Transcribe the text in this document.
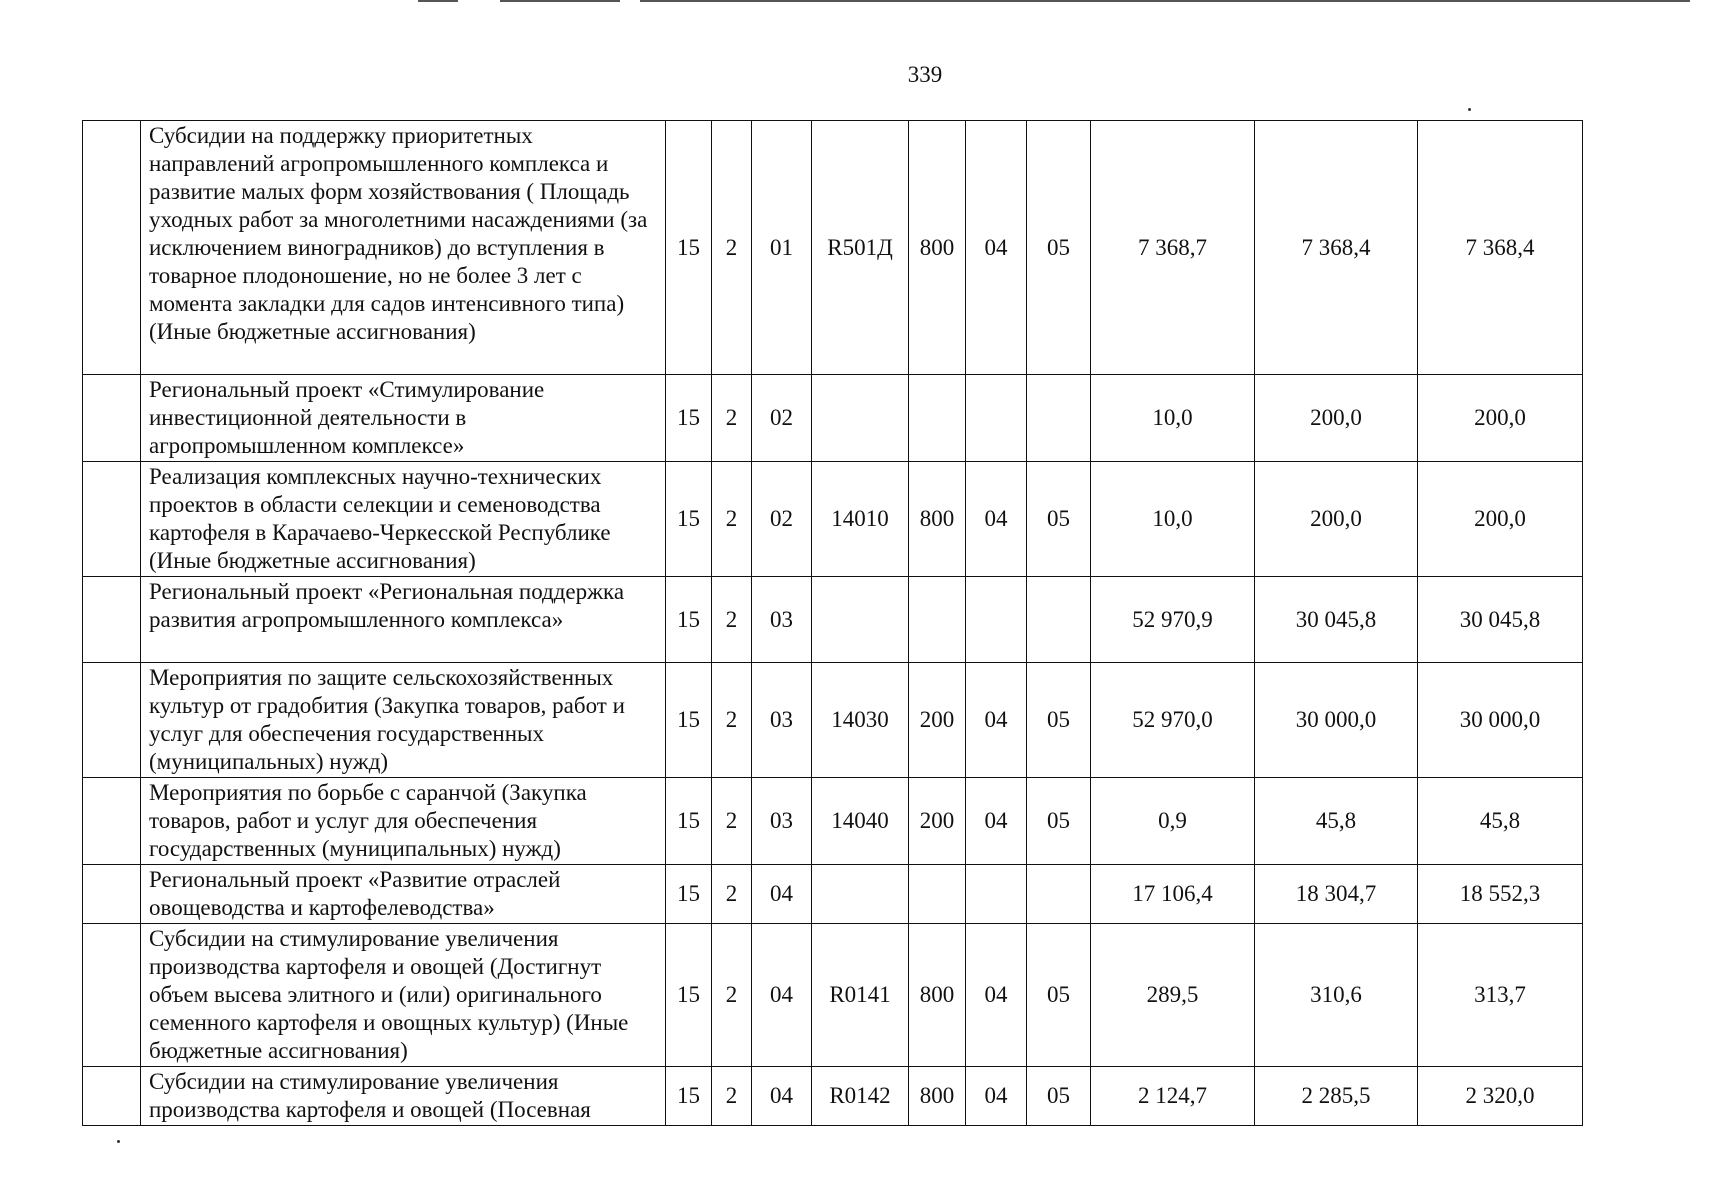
339
	Субсидии на поддержку приоритетных направлений агропромышленного комплекса и развитие малых форм хозяйствования ( Площадь уходных работ за многолетними насаждениями (за исключением виноградников) до вступления в товарное плодоношение, но не более 3 лет с момента закладки для садов интенсивного типа) (Иные бюджетные ассигнования)	15	2	01	R501Д	800	04	05	7 368,7	7 368,4	7 368,4
	Региональный проект «Стимулирование инвестиционной деятельности в агропромышленном комплексе»	15	2	02					10,0	200,0	200,0
	Реализация комплексных научно-технических проектов в области селекции и семеноводства картофеля в Карачаево-Черкесской Республике (Иные бюджетные ассигнования)	15	2	02	14010	800	04	05	10,0	200,0	200,0
	Региональный проект «Региональная поддержка развития агропромышленного комплекса»	15	2	03					52 970,9	30 045,8	30 045,8
	Мероприятия по защите сельскохозяйственных культур от градобития (Закупка товаров, работ и услуг для обеспечения государственных (муниципальных) нужд)	15	2	03	14030	200	04	05	52 970,0	30 000,0	30 000,0
	Мероприятия по борьбе с саранчой (Закупка товаров, работ и услуг для обеспечения государственных (муниципальных) нужд)	15	2	03	14040	200	04	05	0,9	45,8	45,8
	Региональный проект «Развитие отраслей овощеводства и картофелеводства»	15	2	04					17 106,4	18 304,7	18 552,3
	Субсидии на стимулирование увеличения производства картофеля и овощей (Достигнут объем высева элитного и (или) оригинального семенного картофеля и овощных культур) (Иные бюджетные ассигнования)	15	2	04	R0141	800	04	05	289,5	310,6	313,7
	Субсидии на стимулирование увеличения производства картофеля и овощей (Посевная	15	2	04	R0142	800	04	05	2 124,7	2 285,5	2 320,0
